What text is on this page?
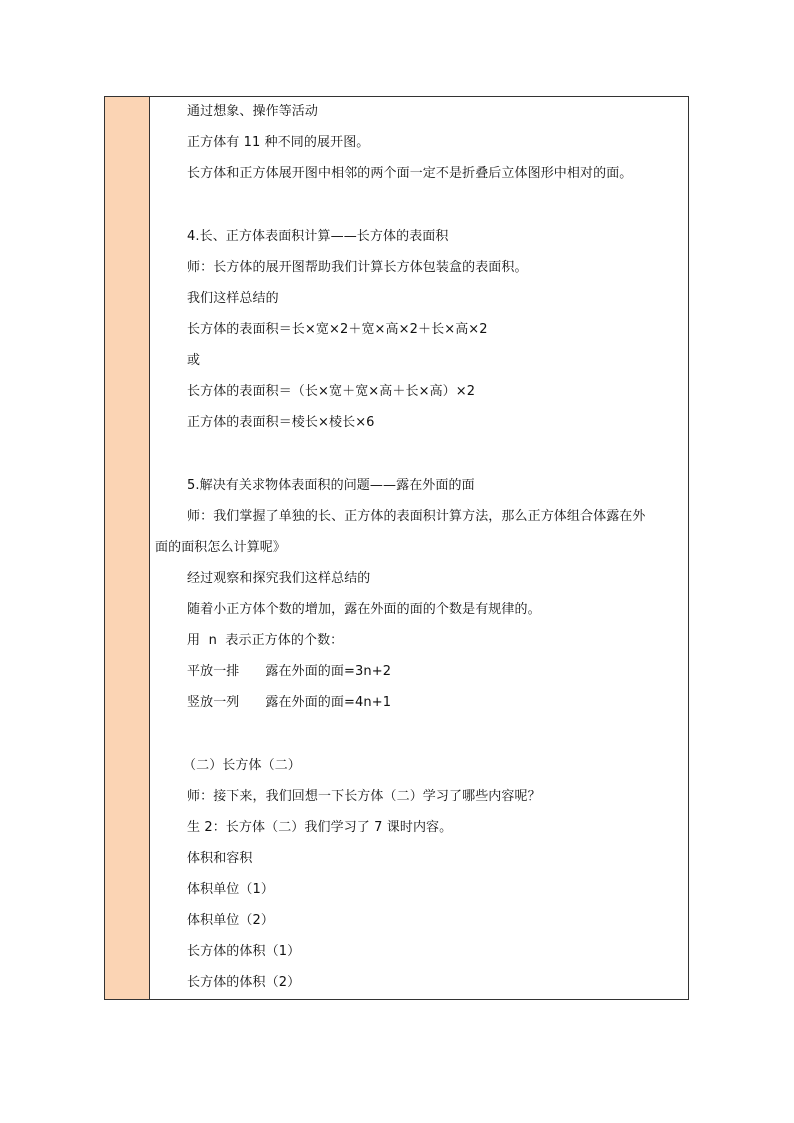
通过想象、操作等活动
正方体有 11 种不同的展开图。
长方体和正方体展开图中相邻的两个面一定不是折叠后立体图形中相对的面。
4.长、正方体表面积计算——长方体的表面积
师：长方体的展开图帮助我们计算长方体包装盒的表面积。
我们这样总结的
长方体的表面积＝长×宽×2＋宽×高×2＋长×高×2
或
长方体的表面积＝（长×宽＋宽×高＋长×高）×2
正方体的表面积＝棱长×棱长×6
5.解决有关求物体表面积的问题——露在外面的面
师：我们掌握了单独的长、正方体的表面积计算方法，那么正方体组合体露在外
面的面积怎么计算呢》
经过观察和探究我们这样总结的
随着小正方体个数的增加，露在外面的面的个数是有规律的。
用  n  表示正方体的个数：
平放一排 露在外面的面=3n+2
竖放一列 露在外面的面=4n+1
（二）长方体（二）
师：接下来，我们回想一下长方体（二）学习了哪些内容呢？
生 2：长方体（二）我们学习了 7 课时内容。
体积和容积
体积单位（1）
体积单位（2）
长方体的体积（1）
长方体的体积（2）
